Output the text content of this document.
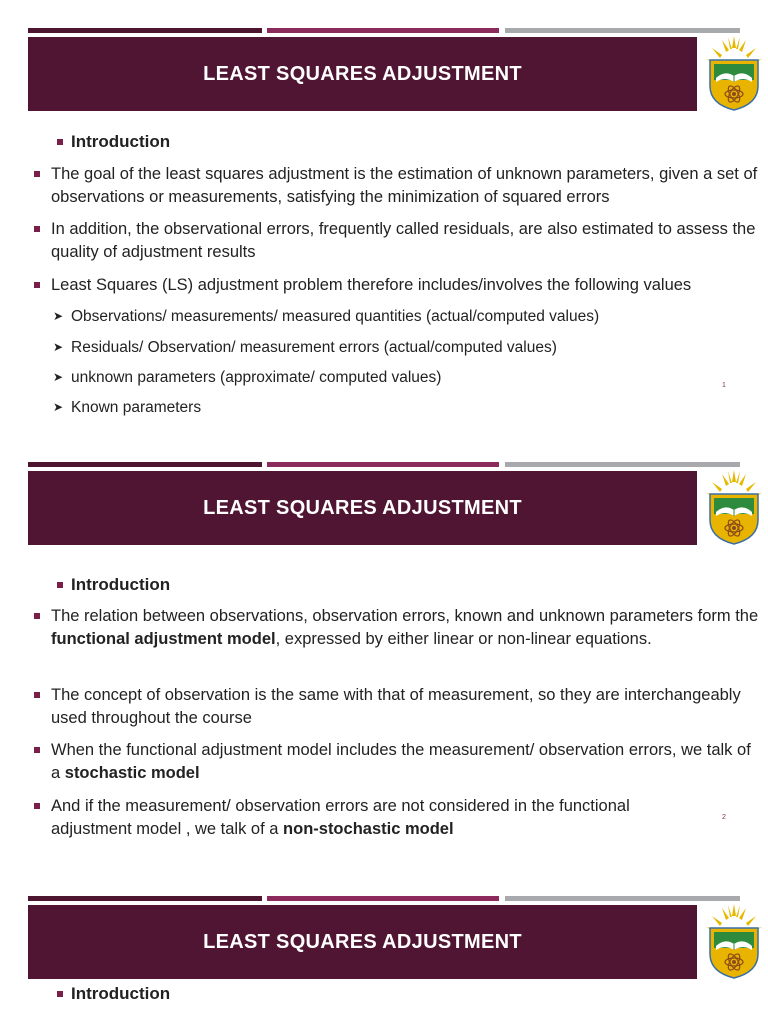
LEAST SQUARES ADJUSTMENT
Introduction
The goal of the least squares adjustment is the estimation of unknown parameters, given a set of observations or measurements, satisfying the minimization of squared errors
In addition, the observational errors, frequently called residuals, are also estimated to assess the quality of adjustment results
Least Squares (LS) adjustment problem therefore includes/involves the following values
➤ Observations/ measurements/ measured quantities (actual/computed values)
➤ Residuals/ Observation/ measurement errors (actual/computed values)
➤ unknown parameters (approximate/ computed values)
➤ Known parameters
1
LEAST SQUARES ADJUSTMENT
Introduction
The relation between observations, observation errors, known and unknown parameters form the functional adjustment model, expressed by either linear or non-linear equations.
The concept of observation is the same with that of measurement, so they are interchangeably used throughout the course
When the functional adjustment model includes the measurement/ observation errors, we talk of a stochastic model
And if the measurement/ observation errors are not considered in the functional adjustment model , we talk of a non-stochastic model
2
LEAST SQUARES ADJUSTMENT
Introduction
